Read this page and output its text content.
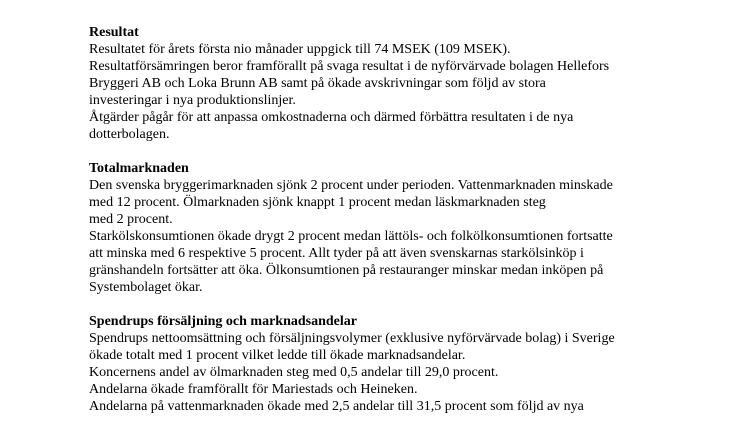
Resultat
Resultatet för årets första nio månader uppgick till 74 MSEK (109 MSEK).
Resultatförsämringen beror framförallt på svaga resultat i de nyförvärvade bolagen Hellefors
Bryggeri AB och Loka Brunn AB samt på ökade avskrivningar som följd av stora
investeringar i nya produktionslinjer.
Åtgärder pågår för att anpassa omkostnaderna och därmed förbättra resultaten i de nya
dotterbolagen.
Totalmarknaden
Den svenska bryggerimarknaden sjönk 2 procent under perioden. Vattenmarknaden minskade
med 12 procent. Ölmarknaden sjönk knappt 1 procent medan läskmarknaden steg
med 2 procent.
Starkölskonsumtionen ökade drygt 2 procent medan lättöls- och folkölkonsumtionen fortsatte
att minska med 6 respektive 5 procent. Allt tyder på att även svenskarnas starkölsinköp i
gränshandeln fortsätter att öka. Ölkonsumtionen på restauranger minskar medan inköpen på
Systembolaget ökar.
Spendrups försäljning och marknadsandelar
Spendrups nettoomsättning och försäljningsvolymer (exklusive nyförvärvade bolag) i Sverige
ökade totalt med 1 procent vilket ledde till ökade marknadsandelar.
Koncernens andel av ölmarknaden steg med 0,5 andelar till 29,0 procent.
Andelarna ökade framförallt för Mariestads och Heineken.
Andelarna på vattenmarknaden ökade med 2,5 andelar till 31,5 procent som följd av nya
